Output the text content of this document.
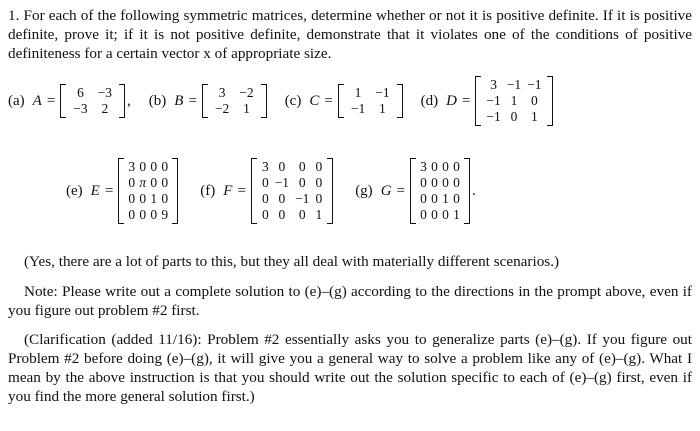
1. For each of the following symmetric matrices, determine whether or not it is positive definite. If it is positive definite, prove it; if it is not positive definite, demonstrate that it violates one of the conditions of positive definiteness for a certain vector x of appropriate size.

(a) A =	6	−3
−3	2	, (b) B =	3	−2
−2	1	(c) C =	1	−1
−1	1	(d) D =
3 −1 −1
−1 1	0
−1 0	1
(e) E =
3 0 0 0
0 π 0 0
0 0 1 0
0 0 0 9
(f) F =
3 0	0 0
0 −1 0 0
0 0 −1 0
0 0	0 1
(g) G =
3 0 0 0
0 0 0 0
0 0 1 0
0 0 0 1
.

(Yes, there are a lot of parts to this, but they all deal with materially different scenarios.)

Note: Please write out a complete solution to (e)–(g) according to the directions in the prompt above, even if you figure out problem #2 first.

(Clarification (added 11/16): Problem #2 essentially asks you to generalize parts (e)–(g). If you figure out Problem #2 before doing (e)–(g), it will give you a general way to solve a problem like any of (e)–(g). What I mean by the above instruction is that you should write out the solution specific to each of (e)–(g) first, even if you find the more general solution first.)
